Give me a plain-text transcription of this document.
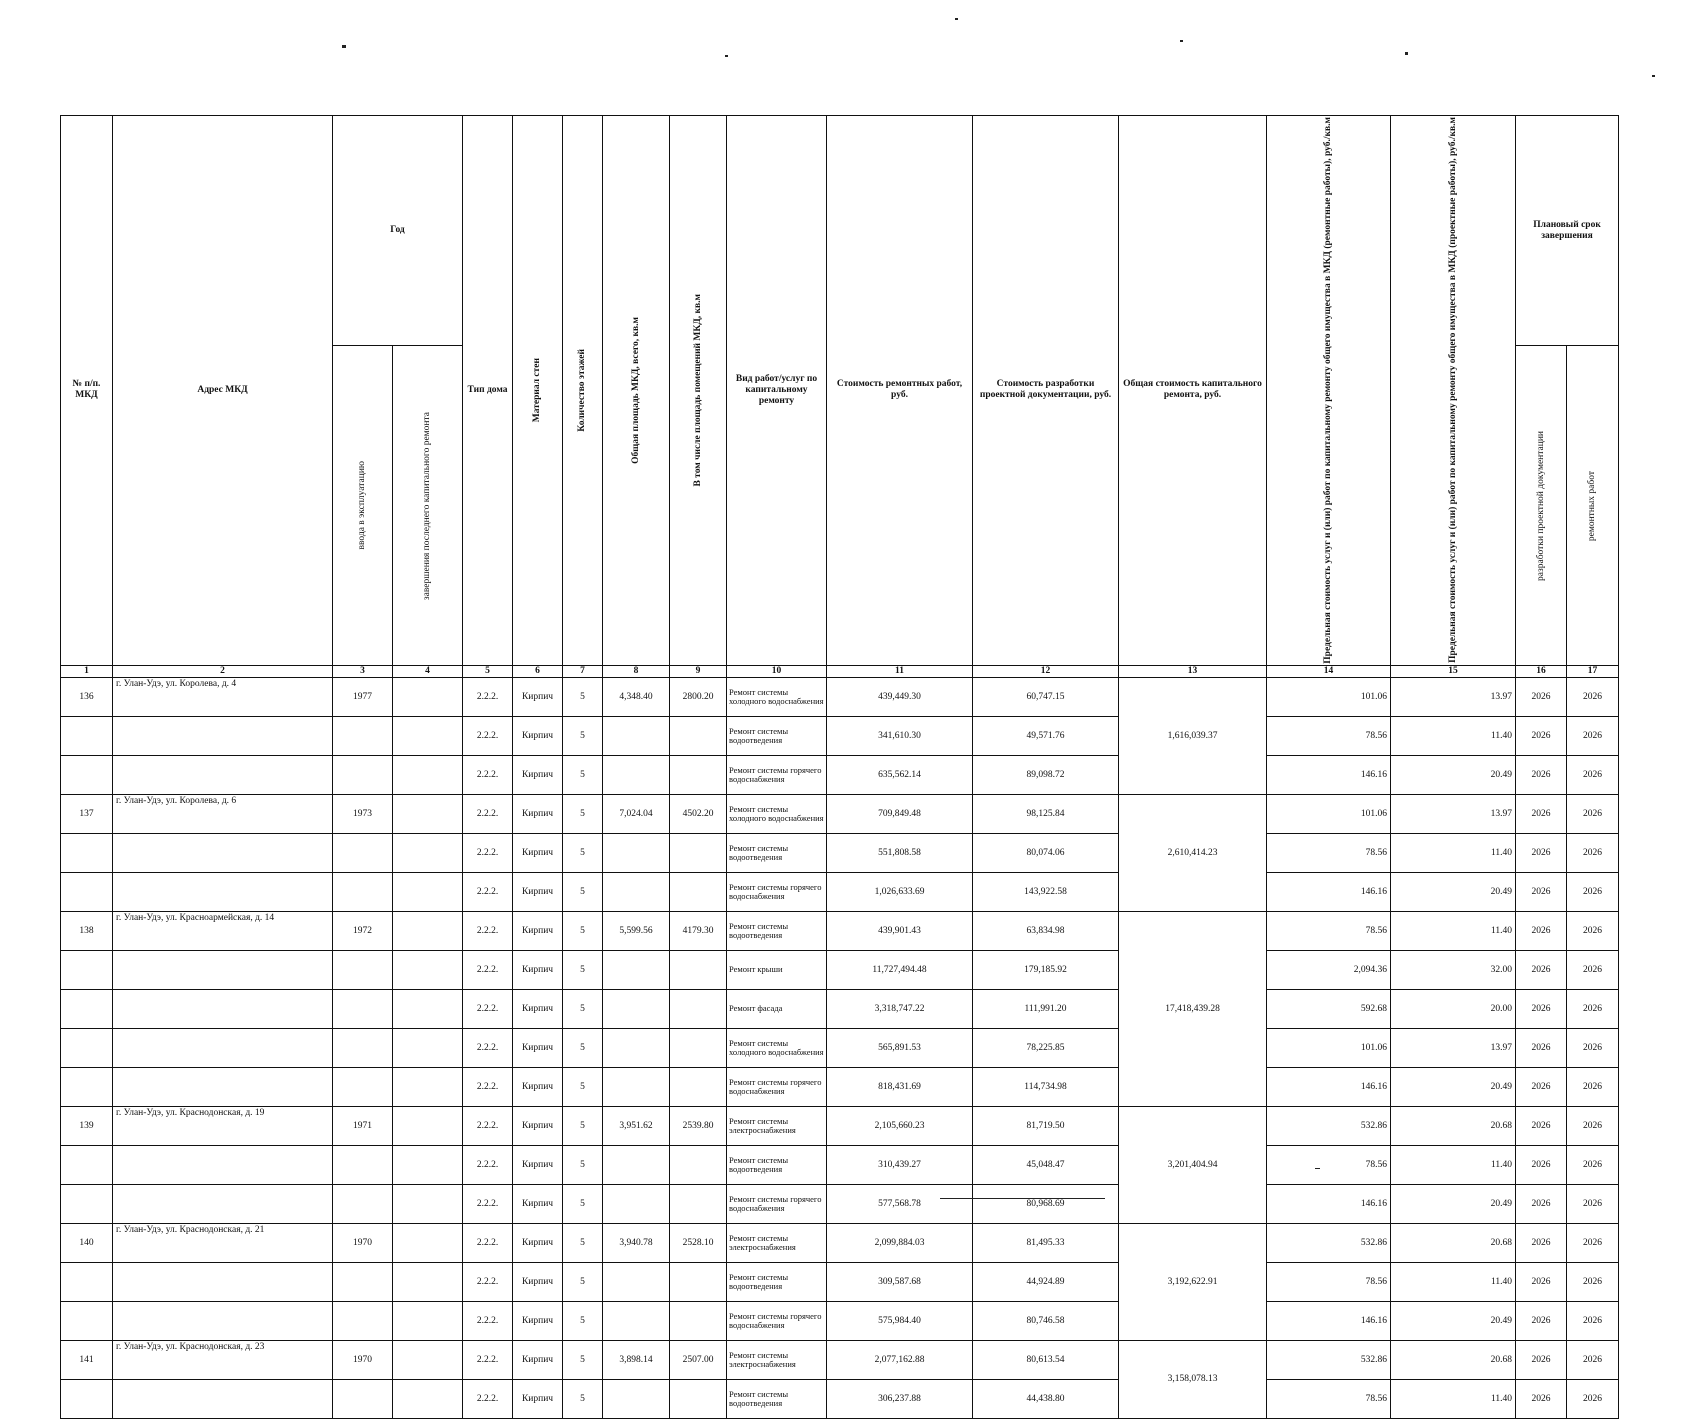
№ п/п. МКД	Адрес МКД	Год		Тип дома	Материал стен	Количество этажей	Общая площадь МКД, всего, кв.м	В том числе площадь помещений МКД, кв.м	Вид работ/услуг по капитальному ремонту	Стоимость ремонтных работ, руб.	Стоимость разработки проектной документации, руб.	Общая стоимость капитального ремонта, руб.	Предельная стоимость услуг и (или) работ по капитальному ремонту общего имущества в МКД (ремонтные работы), руб./кв.м	Предельная стоимость услуг и (или) работ по капитальному ремонту общего имущества в МКД (проектные работы), руб./кв.м	Плановый срок завершения	

		ввода в эксплуатацию	завершения последнего капитального ремонта												разработки проектной документации	ремонтных работ

1	2	3	4	5	6	7	8	9	10	11	12	13	14	15	16	17
136	г. Улан-Удэ, ул. Королева, д. 4	1977		2.2.2.	Кирпич	5	4,348.40	2800.20	Ремонт системы холодного водоснабжения	439,449.30	60,747.15	1,616,039.37	101.06	13.97	2026	2026
				2.2.2.	Кирпич	5			Ремонт системы водоотведения	341,610.30	49,571.76		78.56	11.40	2026	2026
				2.2.2.	Кирпич	5			Ремонт системы горячего водоснабжения	635,562.14	89,098.72		146.16	20.49	2026	2026
137	г. Улан-Удэ, ул. Королева, д. 6	1973		2.2.2.	Кирпич	5	7,024.04	4502.20	Ремонт системы холодного водоснабжения	709,849.48	98,125.84	2,610,414.23	101.06	13.97	2026	2026
				2.2.2.	Кирпич	5			Ремонт системы водоотведения	551,808.58	80,074.06		78.56	11.40	2026	2026
				2.2.2.	Кирпич	5			Ремонт системы горячего водоснабжения	1,026,633.69	143,922.58		146.16	20.49	2026	2026
138	г. Улан-Удэ, ул. Красноармейская, д. 14	1972		2.2.2.	Кирпич	5	5,599.56	4179.30	Ремонт системы водоотведения	439,901.43	63,834.98	17,418,439.28	78.56	11.40	2026	2026
				2.2.2.	Кирпич	5			Ремонт крыши	11,727,494.48	179,185.92		2,094.36	32.00	2026	2026
				2.2.2.	Кирпич	5			Ремонт фасада	3,318,747.22	111,991.20		592.68	20.00	2026	2026
				2.2.2.	Кирпич	5			Ремонт системы холодного водоснабжения	565,891.53	78,225.85		101.06	13.97	2026	2026
				2.2.2.	Кирпич	5			Ремонт системы горячего водоснабжения	818,431.69	114,734.98		146.16	20.49	2026	2026
139	г. Улан-Удэ, ул. Краснодонская, д. 19	1971		2.2.2.	Кирпич	5	3,951.62	2539.80	Ремонт системы электроснабжения	2,105,660.23	81,719.50	3,201,404.94	532.86	20.68	2026	2026
				2.2.2.	Кирпич	5			Ремонт системы водоотведения	310,439.27	45,048.47		78.56	11.40	2026	2026
				2.2.2.	Кирпич	5			Ремонт системы горячего водоснабжения	577,568.78	80,968.69		146.16	20.49	2026	2026
140	г. Улан-Удэ, ул. Краснодонская, д. 21	1970		2.2.2.	Кирпич	5	3,940.78	2528.10	Ремонт системы электроснабжения	2,099,884.03	81,495.33	3,192,622.91	532.86	20.68	2026	2026
				2.2.2.	Кирпич	5			Ремонт системы водоотведения	309,587.68	44,924.89		78.56	11.40	2026	2026
				2.2.2.	Кирпич	5			Ремонт системы горячего водоснабжения	575,984.40	80,746.58		146.16	20.49	2026	2026
141	г. Улан-Удэ, ул. Краснодонская, д. 23	1970		2.2.2.	Кирпич	5	3,898.14	2507.00	Ремонт системы электроснабжения	2,077,162.88	80,613.54	3,158,078.13	532.86	20.68	2026	2026
				2.2.2.	Кирпич	5			Ремонт системы водоотведения	306,237.88	44,438.80		78.56	11.40	2026	2026
